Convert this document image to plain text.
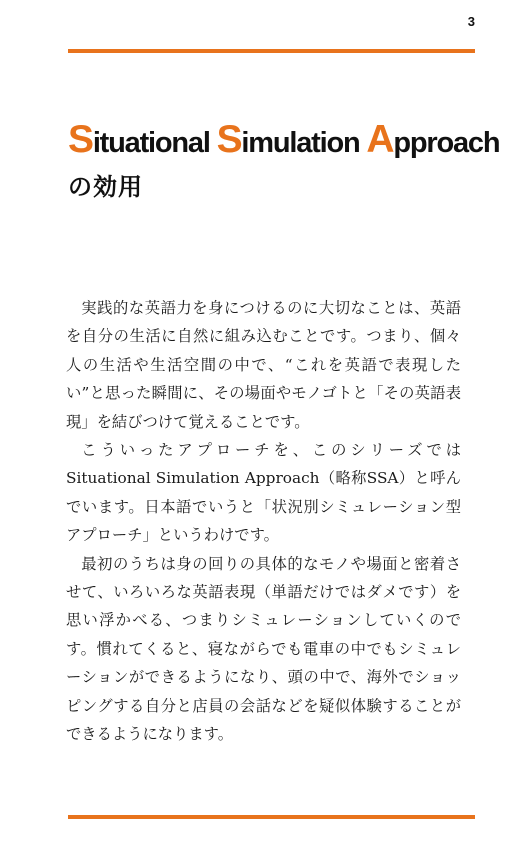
3
Situational Simulation Approach
の効用

実践的な英語力を身につけるのに大切なことは、英語を自分の生活に自然に組み込むことです。つまり、個々人の生活や生活空間の中で、“これを英語で表現したい”と思った瞬間に、その場面やモノゴトと「その英語表現」を結びつけて覚えることです。

こういったアプローチを、このシリーズではSituational Simulation Approach（略称SSA）と呼んでいます。日本語でいうと「状況別シミュレーション型アプローチ」というわけです。

最初のうちは身の回りの具体的なモノや場面と密着させて、いろいろな英語表現（単語だけではダメです）を思い浮かべる、つまりシミュレーションしていくのです。慣れてくると、寝ながらでも電車の中でもシミュレーションができるようになり、頭の中で、海外でショッピングする自分と店員の会話などを疑似体験することができるようになります。
